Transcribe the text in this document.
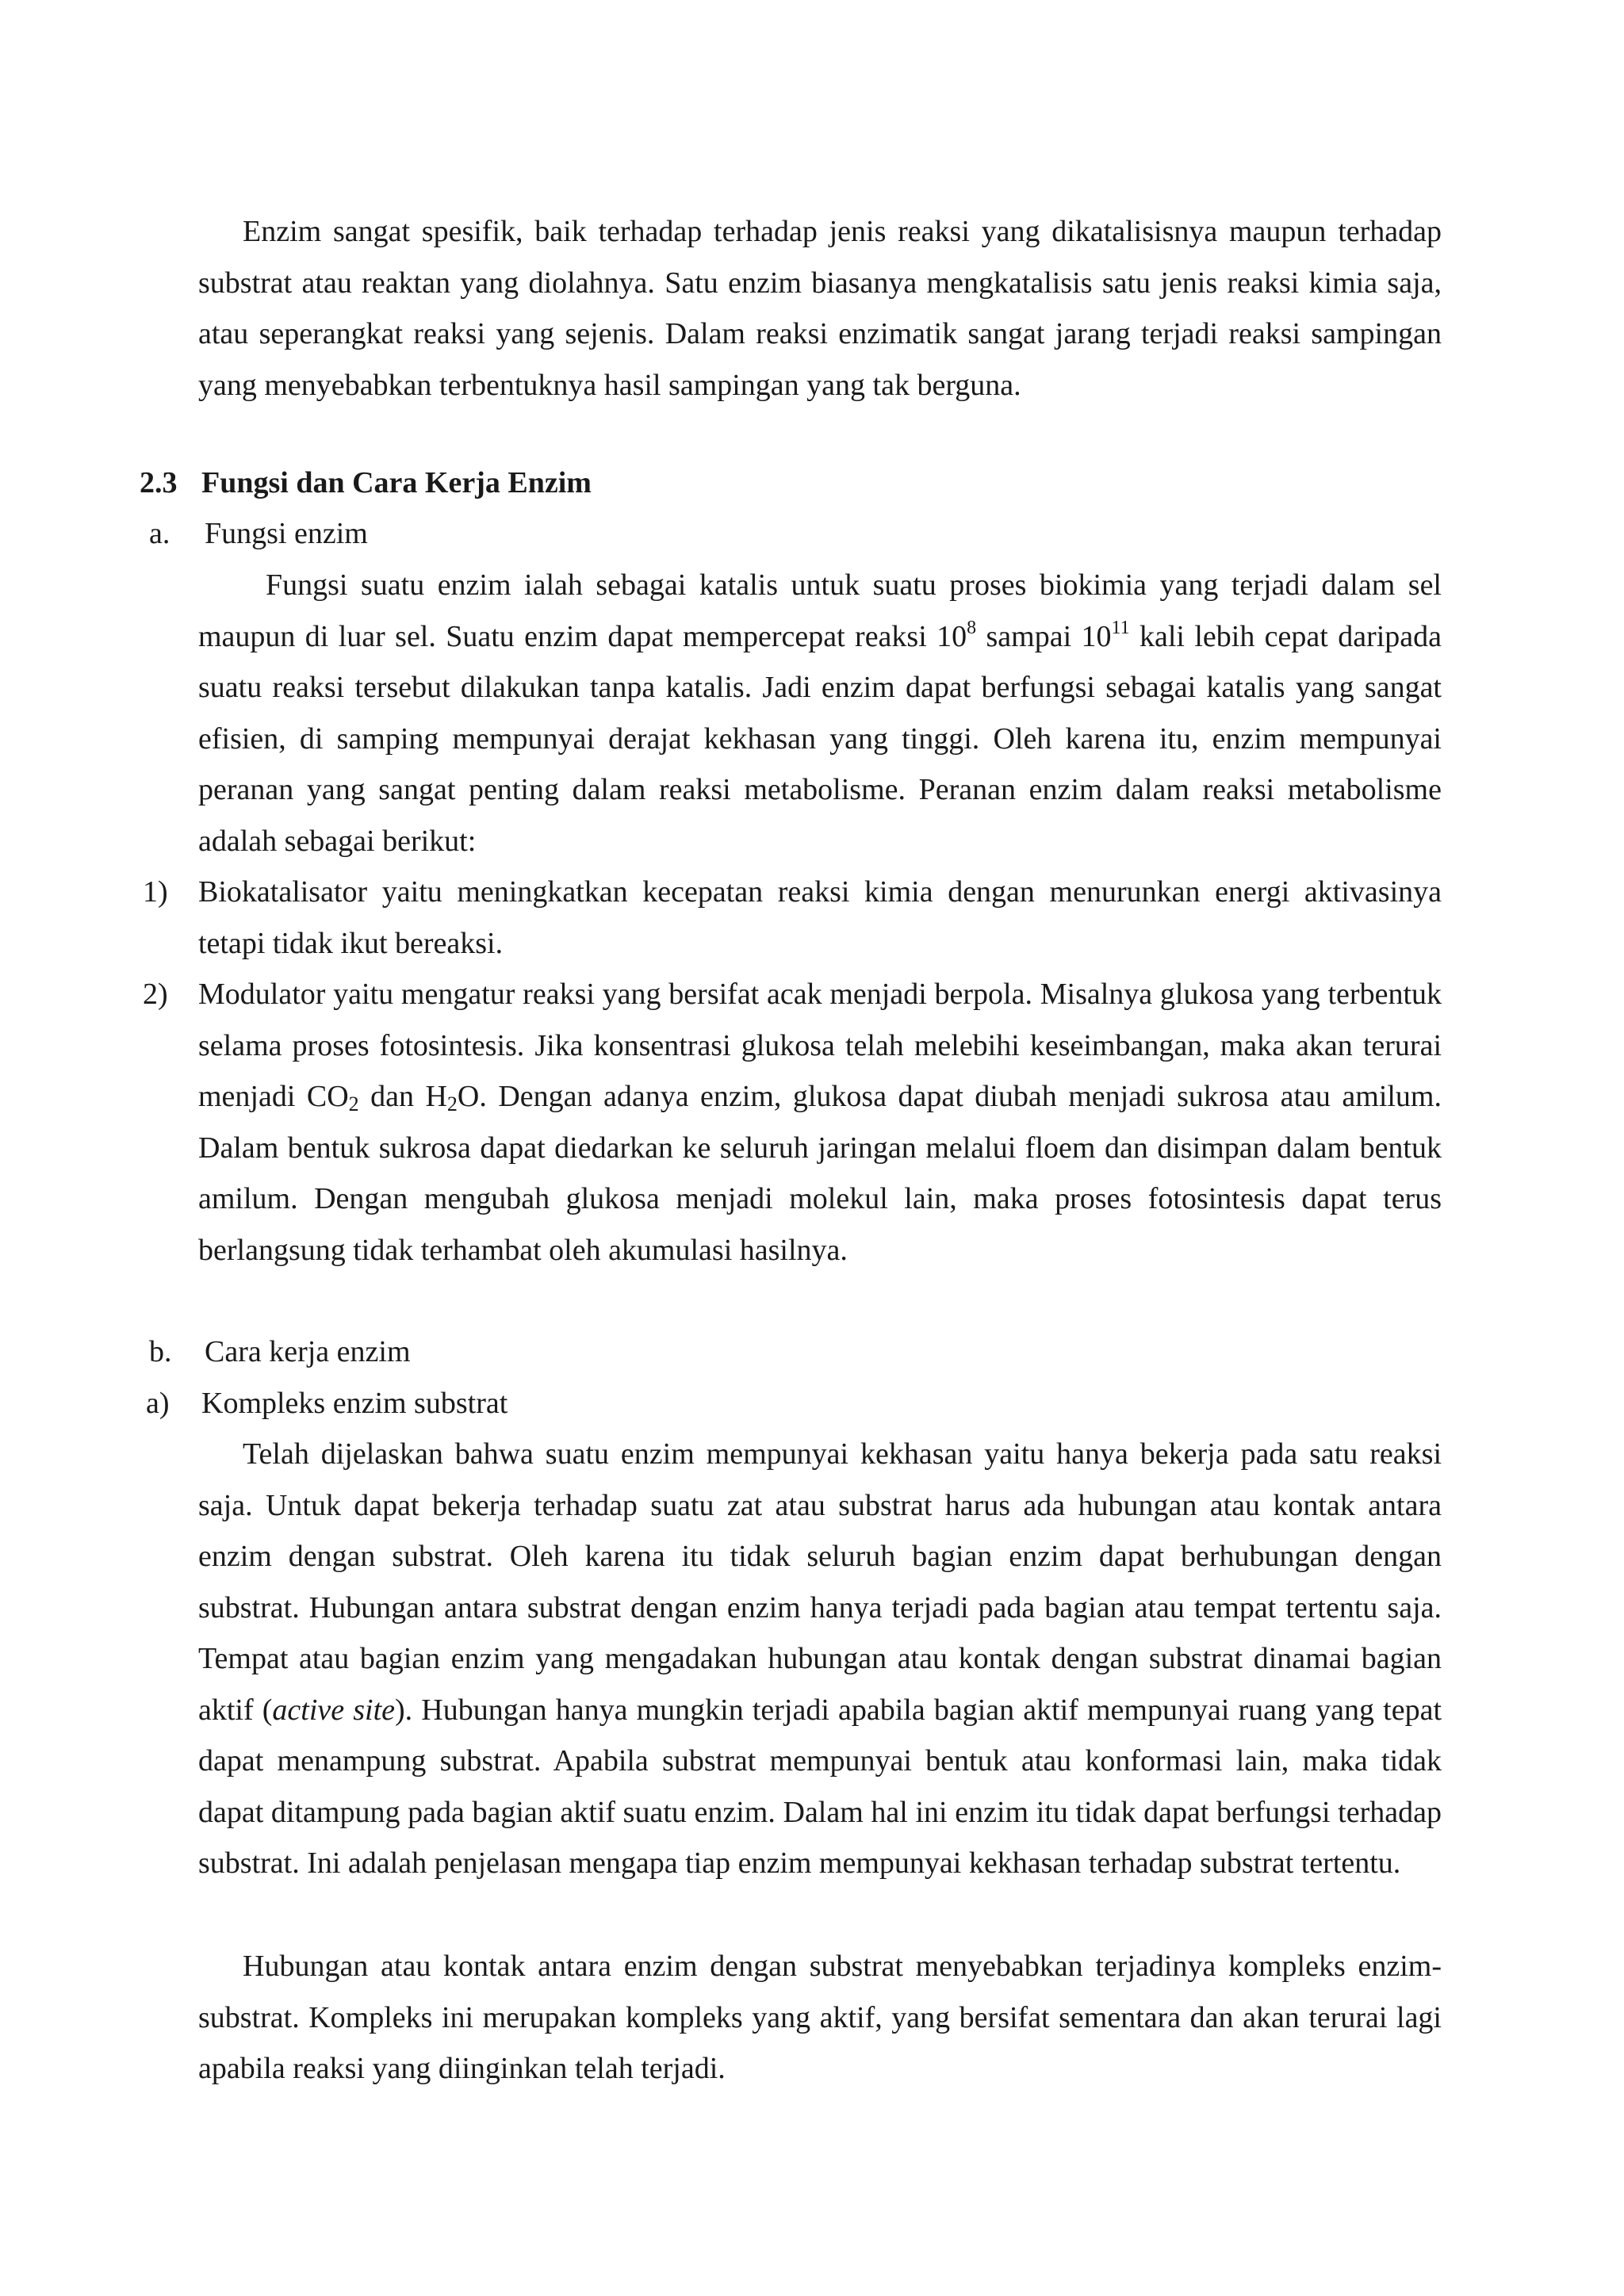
Enzim sangat spesifik, baik terhadap terhadap jenis reaksi yang dikatalisisnya maupun terhadap substrat atau reaktan yang diolahnya. Satu enzim biasanya mengkatalisis satu jenis reaksi kimia saja, atau seperangkat reaksi yang sejenis. Dalam reaksi enzimatik sangat jarang terjadi reaksi sampingan yang menyebabkan terbentuknya hasil sampingan yang tak berguna.

2.3 Fungsi dan Cara Kerja Enzim
a. Fungsi enzim

Fungsi suatu enzim ialah sebagai katalis untuk suatu proses biokimia yang terjadi dalam sel maupun di luar sel. Suatu enzim dapat mempercepat reaksi $10^8$ sampai $10^{11}$ kali lebih cepat daripada suatu reaksi tersebut dilakukan tanpa katalis. Jadi enzim dapat berfungsi sebagai katalis yang sangat efisien, di samping mempunyai derajat kekhasan yang tinggi. Oleh karena itu, enzim mempunyai peranan yang sangat penting dalam reaksi metabolisme. Peranan enzim dalam reaksi metabolisme adalah sebagai berikut:

1) Biokatalisator yaitu meningkatkan kecepatan reaksi kimia dengan menurunkan energi aktivasinya tetapi tidak ikut bereaksi.
2) Modulator yaitu mengatur reaksi yang bersifat acak menjadi berpola. Misalnya glukosa yang terbentuk selama proses fotosintesis. Jika konsentrasi glukosa telah melebihi keseimbangan, maka akan terurai menjadi $CO_2$ dan $H_2O$. Dengan adanya enzim, glukosa dapat diubah menjadi sukrosa atau amilum. Dalam bentuk sukrosa dapat diedarkan ke seluruh jaringan melalui floem dan disimpan dalam bentuk amilum. Dengan mengubah glukosa menjadi molekul lain, maka proses fotosintesis dapat terus berlangsung tidak terhambat oleh akumulasi hasilnya.
b. Cara kerja enzim
a) Kompleks enzim substrat

Telah dijelaskan bahwa suatu enzim mempunyai kekhasan yaitu hanya bekerja pada satu reaksi saja. Untuk dapat bekerja terhadap suatu zat atau substrat harus ada hubungan atau kontak antara enzim dengan substrat. Oleh karena itu tidak seluruh bagian enzim dapat berhubungan dengan substrat. Hubungan antara substrat dengan enzim hanya terjadi pada bagian atau tempat tertentu saja. Tempat atau bagian enzim yang mengadakan hubungan atau kontak dengan substrat dinamai bagian aktif (active site). Hubungan hanya mungkin terjadi apabila bagian aktif mempunyai ruang yang tepat dapat menampung substrat. Apabila substrat mempunyai bentuk atau konformasi lain, maka tidak dapat ditampung pada bagian aktif suatu enzim. Dalam hal ini enzim itu tidak dapat berfungsi terhadap substrat. Ini adalah penjelasan mengapa tiap enzim mempunyai kekhasan terhadap substrat tertentu.

Hubungan atau kontak antara enzim dengan substrat menyebabkan terjadinya kompleks enzim-substrat. Kompleks ini merupakan kompleks yang aktif, yang bersifat sementara dan akan terurai lagi apabila reaksi yang diinginkan telah terjadi.
